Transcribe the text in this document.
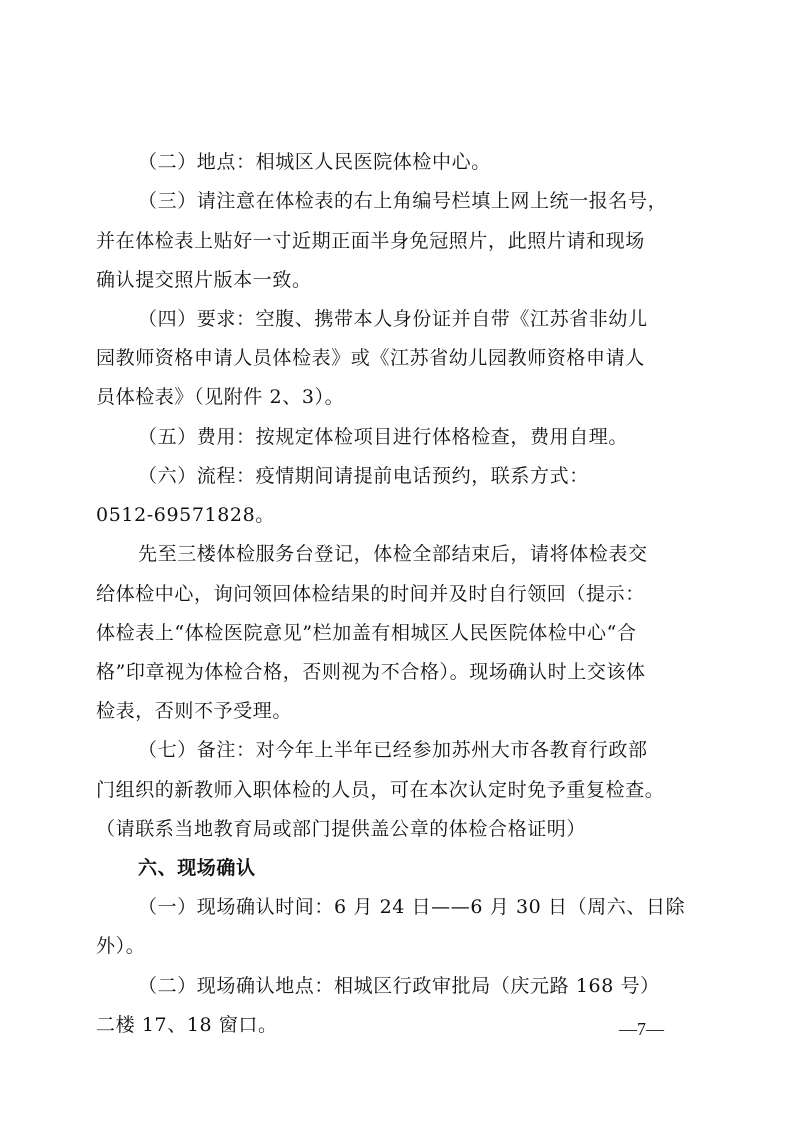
（二）地点：相城区人民医院体检中心。
（三）请注意在体检表的右上角编号栏填上网上统一报名号，
并在体检表上贴好一寸近期正面半身免冠照片，此照片请和现场
确认提交照片版本一致。
（四）要求：空腹、携带本人身份证并自带《江苏省非幼儿
园教师资格申请人员体检表》或《江苏省幼儿园教师资格申请人
员体检表》（见附件 2、3）。
（五）费用：按规定体检项目进行体格检查，费用自理。
（六）流程：疫情期间请提前电话预约，联系方式：
0512-69571828。
先至三楼体检服务台登记，体检全部结束后，请将体检表交
给体检中心，询问领回体检结果的时间并及时自行领回（提示：
体检表上“体检医院意见”栏加盖有相城区人民医院体检中心“合
格”印章视为体检合格，否则视为不合格）。现场确认时上交该体
检表，否则不予受理。
（七）备注：对今年上半年已经参加苏州大市各教育行政部
门组织的新教师入职体检的人员，可在本次认定时免予重复检查。
（请联系当地教育局或部门提供盖公章的体检合格证明）
六、现场确认
（一）现场确认时间：6 月 24 日——6 月 30 日（周六、日除
外）。
（二）现场确认地点：相城区行政审批局（庆元路 168 号）
二楼 17、18 窗口。	—7—
